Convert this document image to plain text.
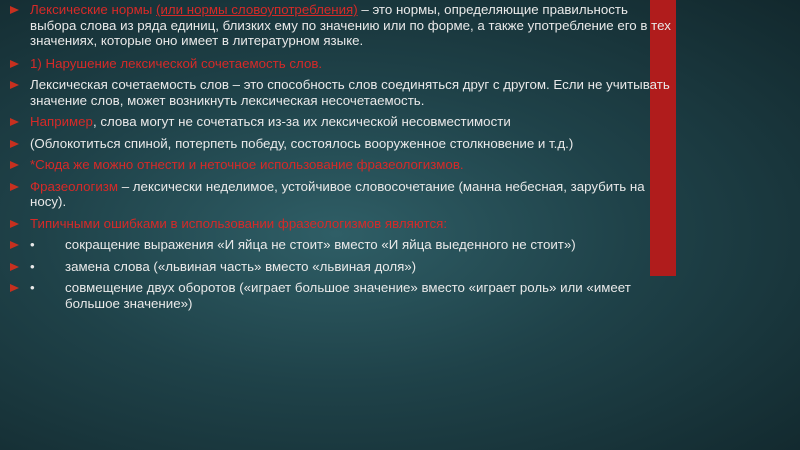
Лексические нормы (или нормы словоупотребления) – это нормы, определяющие правильность выбора слова из ряда единиц, близких ему по значению или по форме, а также употребление его в тех значениях, которые оно имеет в литературном языке.
1) Нарушение лексической сочетаемость слов.
Лексическая сочетаемость слов – это способность слов соединяться друг с другом. Если не учитывать значение слов, может возникнуть лексическая несочетаемость.
Например, слова могут не сочетаться из-за их лексической несовместимости
(Облокотиться спиной, потерпеть победу, состоялось вооруженное столкновение и т.д.)
*Сюда же можно отнести и неточное использование фразеологизмов.
Фразеологизм – лексически неделимое, устойчивое словосочетание (манна небесная, зарубить на носу).
Типичными ошибками в использовании фразеологизмов являются:
• сокращение выражения «И яйца не стоит» вместо «И яйца выеденного не стоит»)
• замена слова («львиная часть» вместо «львиная доля»)
• совмещение двух оборотов («играет большое значение» вместо «играет роль» или «имеет большое значение»)
